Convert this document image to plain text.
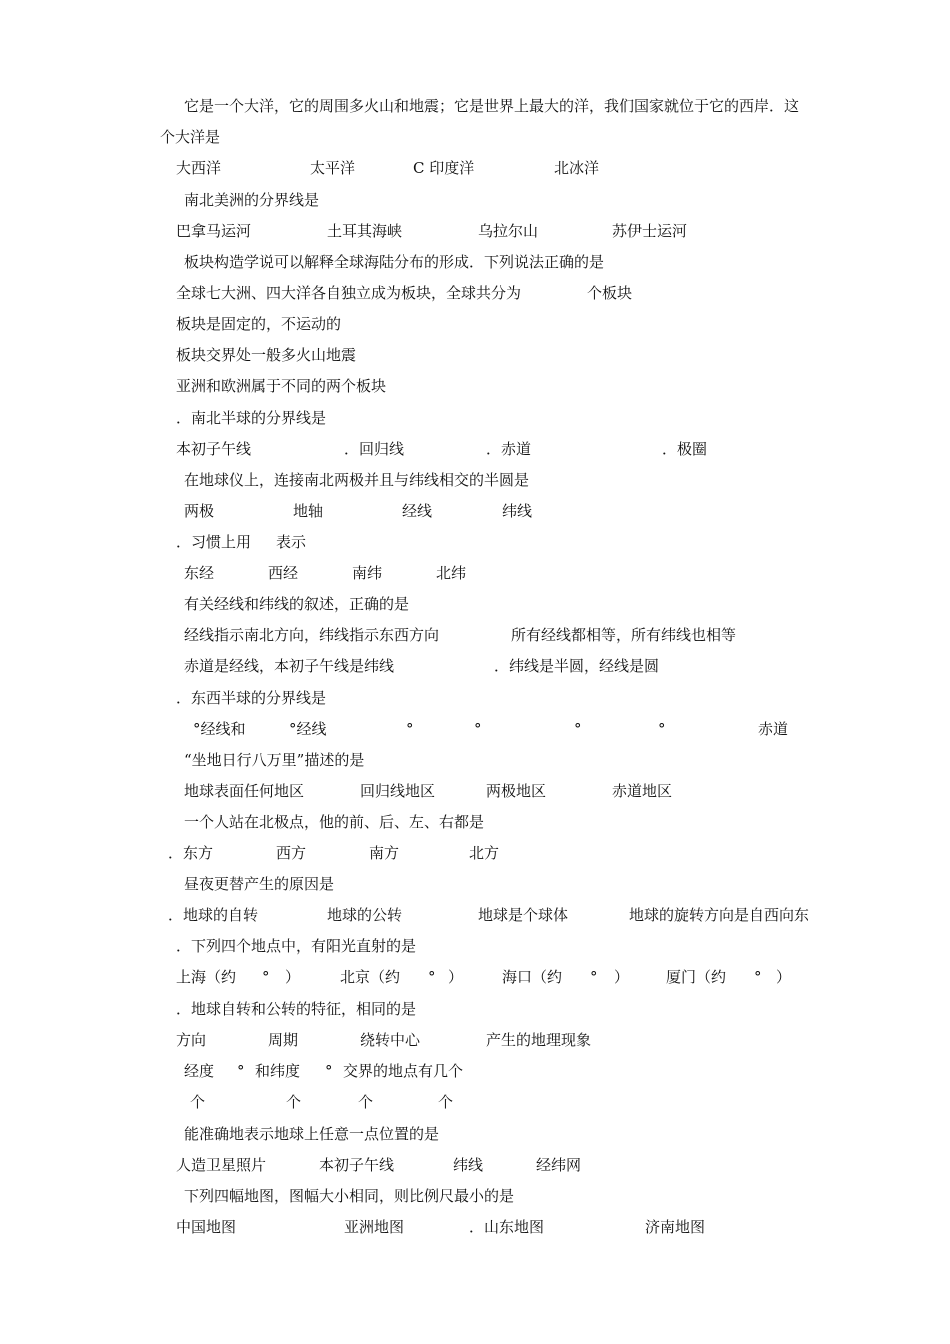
它是一个大洋，它的周围多火山和地震；它是世界上最大的洋，我们国家就位于它的西岸．这
个大洋是
大西洋	太平洋	C 印度洋	北冰洋
南北美洲的分界线是
巴拿马运河	土耳其海峡	乌拉尔山	苏伊士运河
板块构造学说可以解释全球海陆分布的形成．下列说法正确的是
全球七大洲、四大洋各自独立成为板块，全球共分为	个板块
板块是固定的，不运动的
板块交界处一般多火山地震
亚洲和欧洲属于不同的两个板块
．南北半球的分界线是
本初子午线	．回归线	．赤道	．极圈
在地球仪上，连接南北两极并且与纬线相交的半圆是
两极	地轴	经线	纬线
．习惯上用 表示
东经	西经	南纬	北纬
有关经线和纬线的叙述，正确的是
经线指示南北方向，纬线指示东西方向	所有经线都相等，所有纬线也相等
赤道是经线，本初子午线是纬线	．纬线是半圆，经线是圆
．东西半球的分界线是
°经线和	°经线	°	°	°	°	赤道
“坐地日行八万里”描述的是
地球表面任何地区	回归线地区	两极地区	赤道地区
一个人站在北极点，他的前、后、左、右都是
．东方	西方	南方	北方
昼夜更替产生的原因是
．地球的自转	地球的公转	地球是个球体	地球的旋转方向是自西向东
．下列四个地点中，有阳光直射的是
上海（约 ° ）	北京（约 ° ）	海口（约 ° ） 厦门（约 ° ）
．地球自转和公转的特征，相同的是
方向	周期	绕转中心	产生的地理现象
经度 ° 和纬度 ° 交界的地点有几个
个	个	个	个
能准确地表示地球上任意一点位置的是
人造卫星照片	本初子午线	纬线	经纬网
下列四幅地图，图幅大小相同，则比例尺最小的是
中国地图	亚洲地图	．山东地图	济南地图
